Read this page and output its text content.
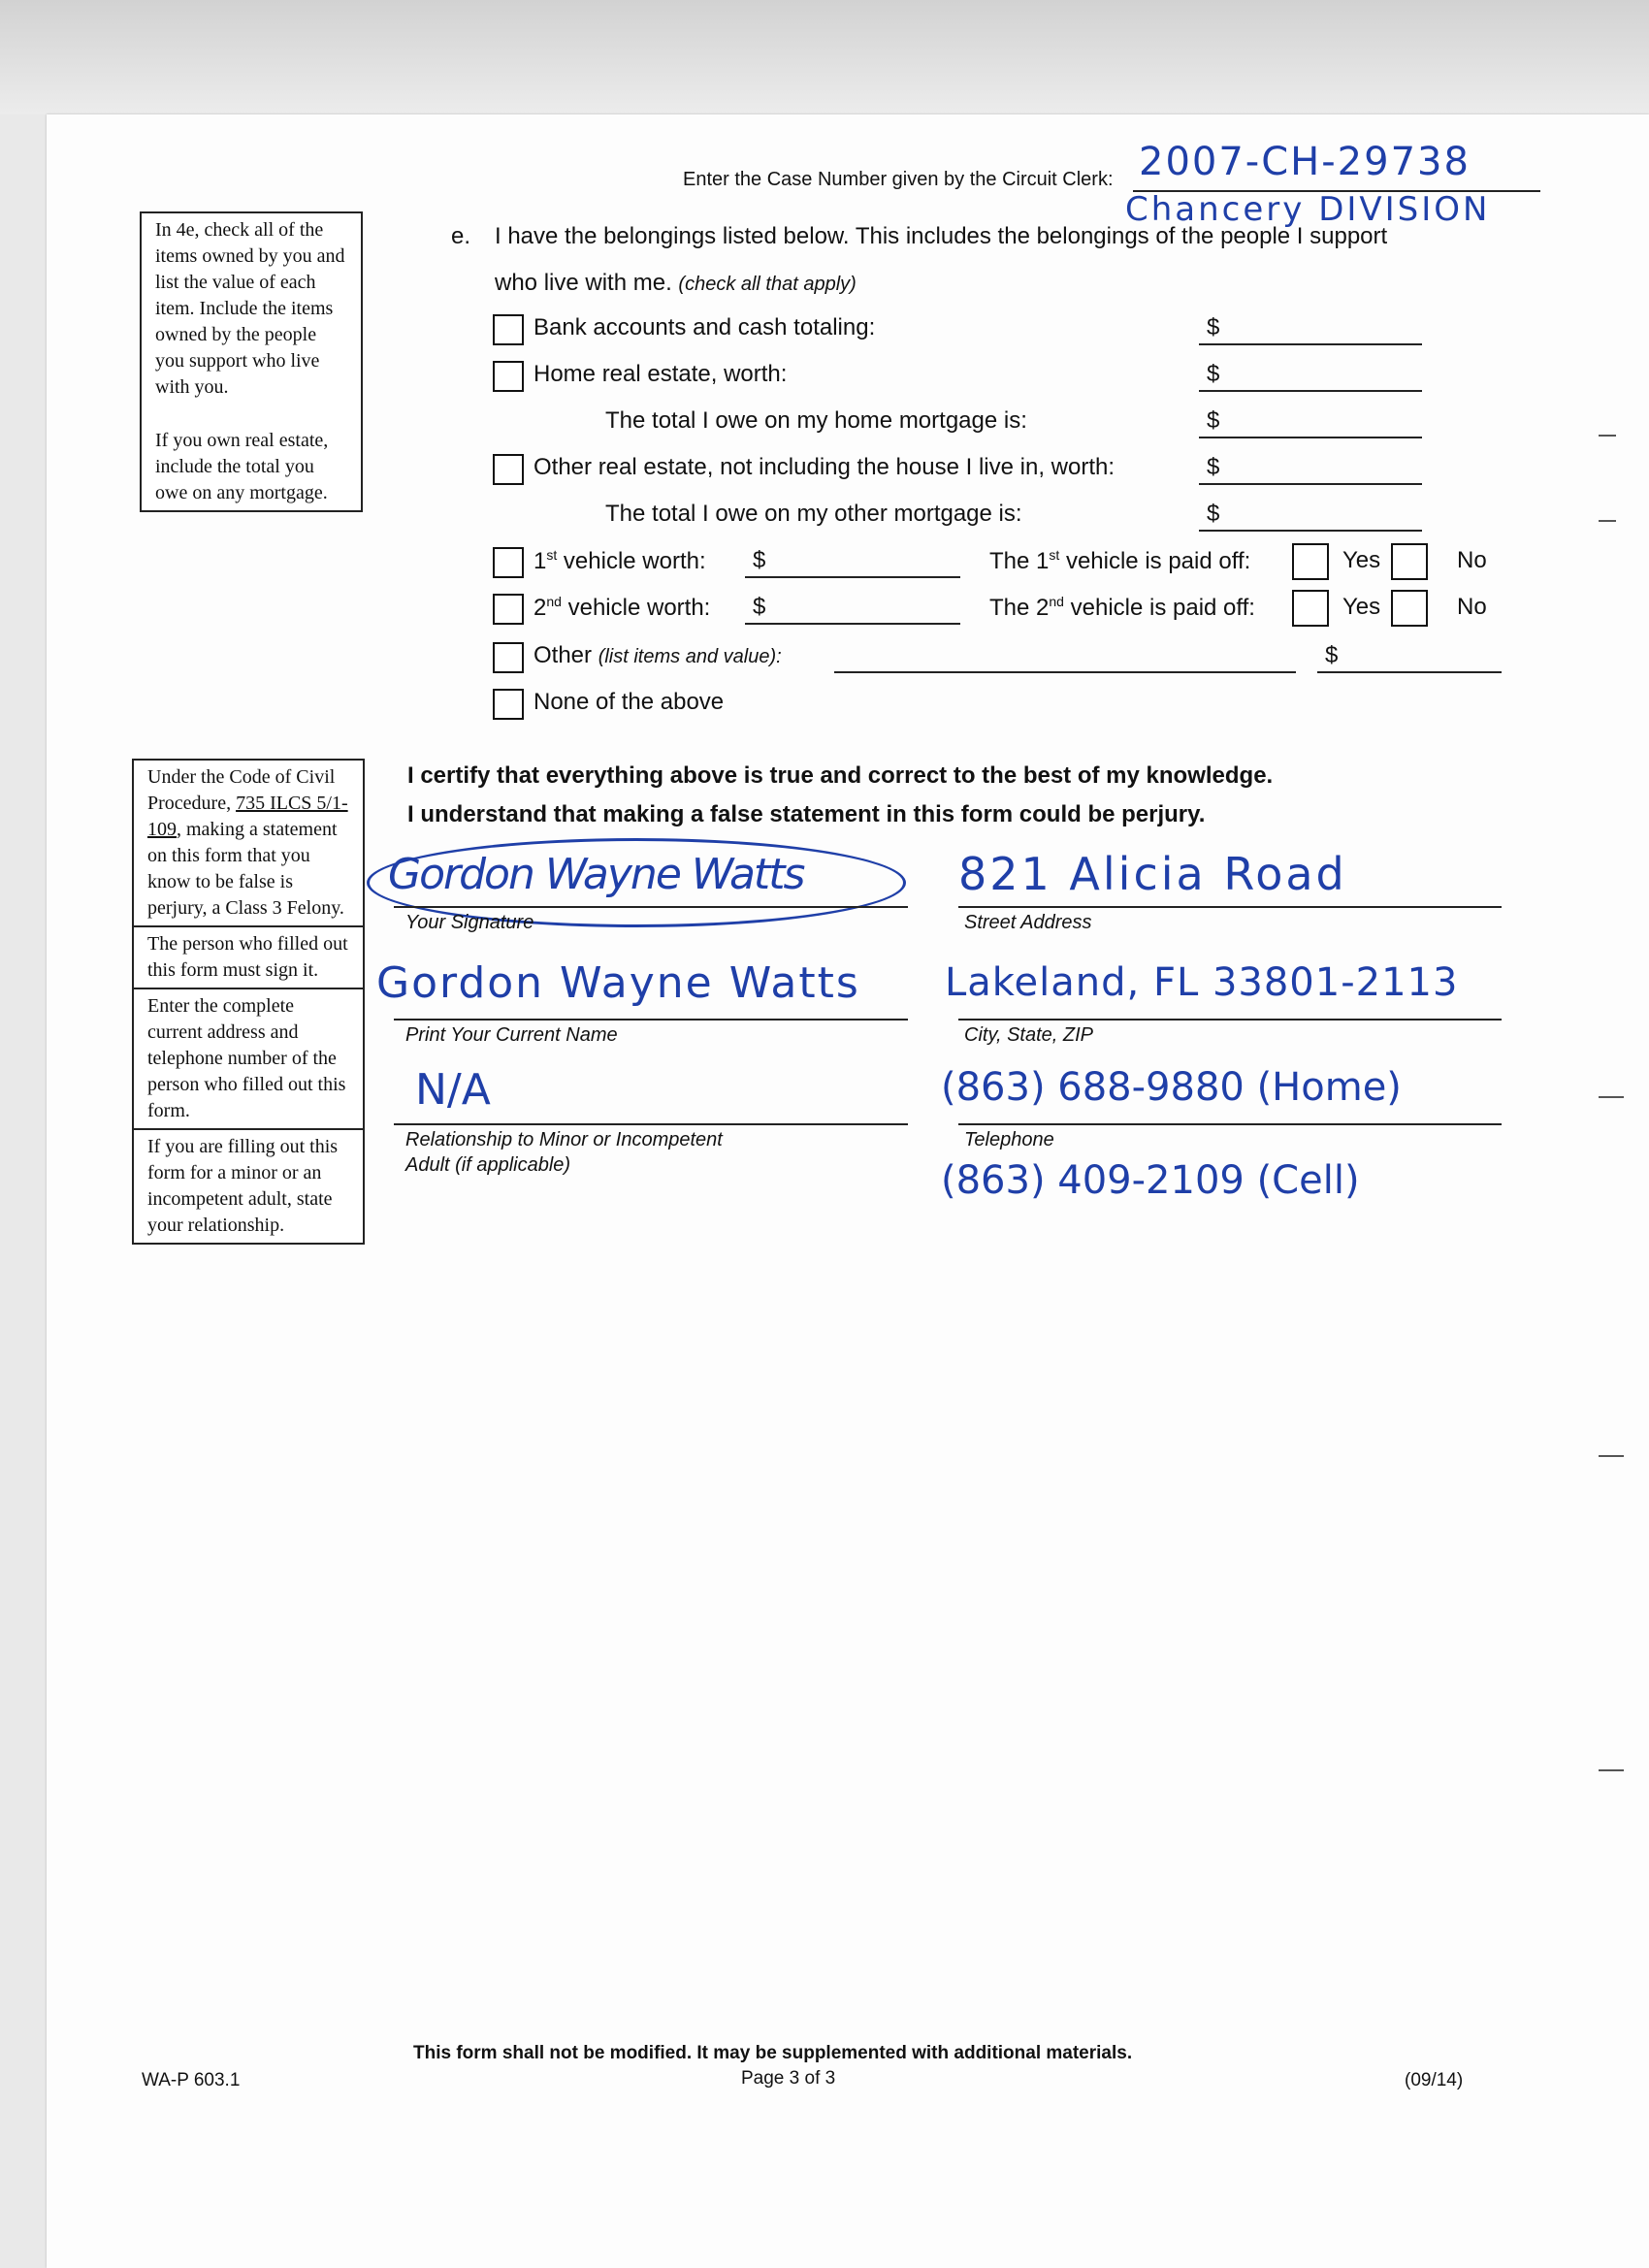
Enter the Case Number given by the Circuit Clerk: 2007-CH-29738
Chancery DIVISION
In 4e, check all of the items owned by you and list the value of each item. Include the items owned by the people you support who live with you.
If you own real estate, include the total you owe on any mortgage.
e. I have the belongings listed below. This includes the belongings of the people I support
who live with me. (check all that apply)
Bank accounts and cash totaling:	$
Home real estate, worth:	$
The total I owe on my home mortgage is:	$
Other real estate, not including the house I live in, worth:	$
The total I owe on my other mortgage is:	$
1st vehicle worth: $	The 1st vehicle is paid off:	Yes	No
2nd vehicle worth: $	The 2nd vehicle is paid off:	Yes	No
Other (list items and value):	$
None of the above
Under the Code of Civil Procedure, 735 ILCS 5/1-109, making a statement on this form that you know to be false is perjury, a Class 3 Felony.
The person who filled out this form must sign it.
Enter the complete current address and telephone number of the person who filled out this form.
If you are filling out this form for a minor or an incompetent adult, state your relationship.
I certify that everything above is true and correct to the best of my knowledge.
I understand that making a false statement in this form could be perjury.
Gordon Wayne Watts
Your Signature
821 Alicia Road
Street Address
Gordon Wayne Watts
Print Your Current Name
Lakeland, FL 33801-2113
City, State, ZIP
N/A
Relationship to Minor or Incompetent
Adult (if applicable)
(863) 688-9880 (Home)
Telephone
(863) 409-2109 (Cell)
This form shall not be modified. It may be supplemented with additional materials.
Page 3 of 3
WA-P 603.1	(09/14)
